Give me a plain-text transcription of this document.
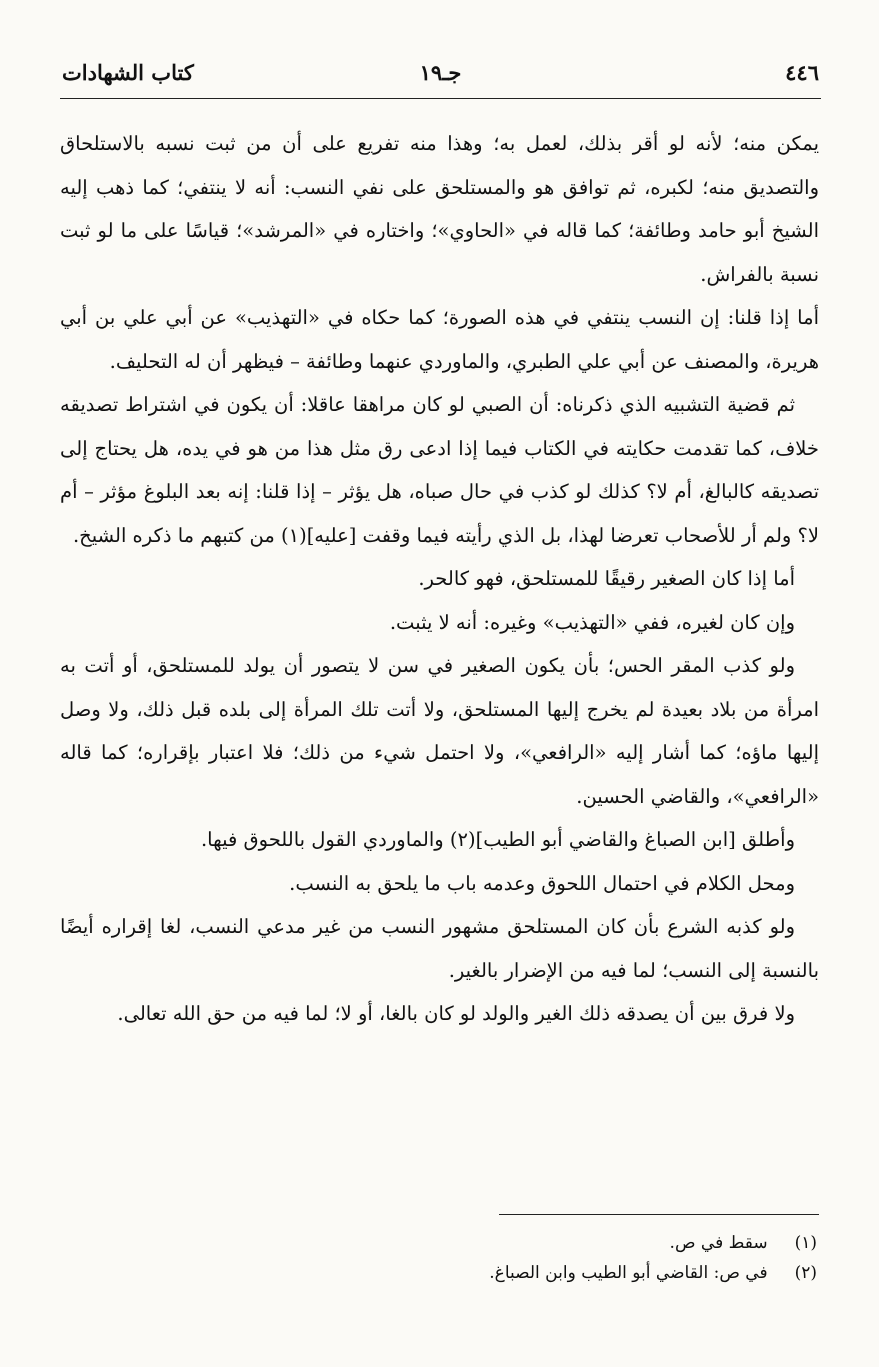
٤٤٦
جـ١٩
كتاب الشهادات

يمكن منه؛ لأنه لو أقر بذلك، لعمل به؛ وهذا منه تفريع على أن من ثبت نسبه بالاستلحاق والتصديق منه؛ لكبره، ثم توافق هو والمستلحق على نفي النسب: أنه لا ينتفي؛ كما ذهب إليه الشيخ أبو حامد وطائفة؛ كما قاله في «الحاوي»؛ واختاره في «المرشد»؛ قياسًا على ما لو ثبت نسبة بالفراش.

أما إذا قلنا: إن النسب ينتفي في هذه الصورة؛ كما حكاه في «التهذيب» عن أبي علي بن أبي هريرة، والمصنف عن أبي علي الطبري، والماوردي عنهما وطائفة – فيظهر أن له التحليف.

ثم قضية التشبيه الذي ذكرناه: أن الصبي لو كان مراهقا عاقلا: أن يكون في اشتراط تصديقه خلاف، كما تقدمت حكايته في الكتاب فيما إذا ادعى رق مثل هذا من هو في يده، هل يحتاج إلى تصديقه كالبالغ، أم لا؟ كذلك لو كذب في حال صباه، هل يؤثر – إذا قلنا: إنه بعد البلوغ مؤثر – أم لا؟ ولم أر للأصحاب تعرضا لهذا، بل الذي رأيته فيما وقفت [عليه](١) من كتبهم ما ذكره الشيخ.

أما إذا كان الصغير رقيقًا للمستلحق، فهو كالحر.

وإن كان لغيره، ففي «التهذيب» وغيره: أنه لا يثبت.

ولو كذب المقر الحس؛ بأن يكون الصغير في سن لا يتصور أن يولد للمستلحق، أو أتت به امرأة من بلاد بعيدة لم يخرج إليها المستلحق، ولا أتت تلك المرأة إلى بلده قبل ذلك، ولا وصل إليها ماؤه؛ كما أشار إليه «الرافعي»، ولا احتمل شيء من ذلك؛ فلا اعتبار بإقراره؛ كما قاله «الرافعي»، والقاضي الحسين.

وأطلق [ابن الصباغ والقاضي أبو الطيب](٢) والماوردي القول باللحوق فيها.

ومحل الكلام في احتمال اللحوق وعدمه باب ما يلحق به النسب.

ولو كذبه الشرع بأن كان المستلحق مشهور النسب من غير مدعي النسب، لغا إقراره أيضًا بالنسبة إلى النسب؛ لما فيه من الإضرار بالغير.

ولا فرق بين أن يصدقه ذلك الغير والولد لو كان بالغا، أو لا؛ لما فيه من حق الله تعالى.

(١) سقط في ص.

(٢) في ص: القاضي أبو الطيب وابن الصباغ.
